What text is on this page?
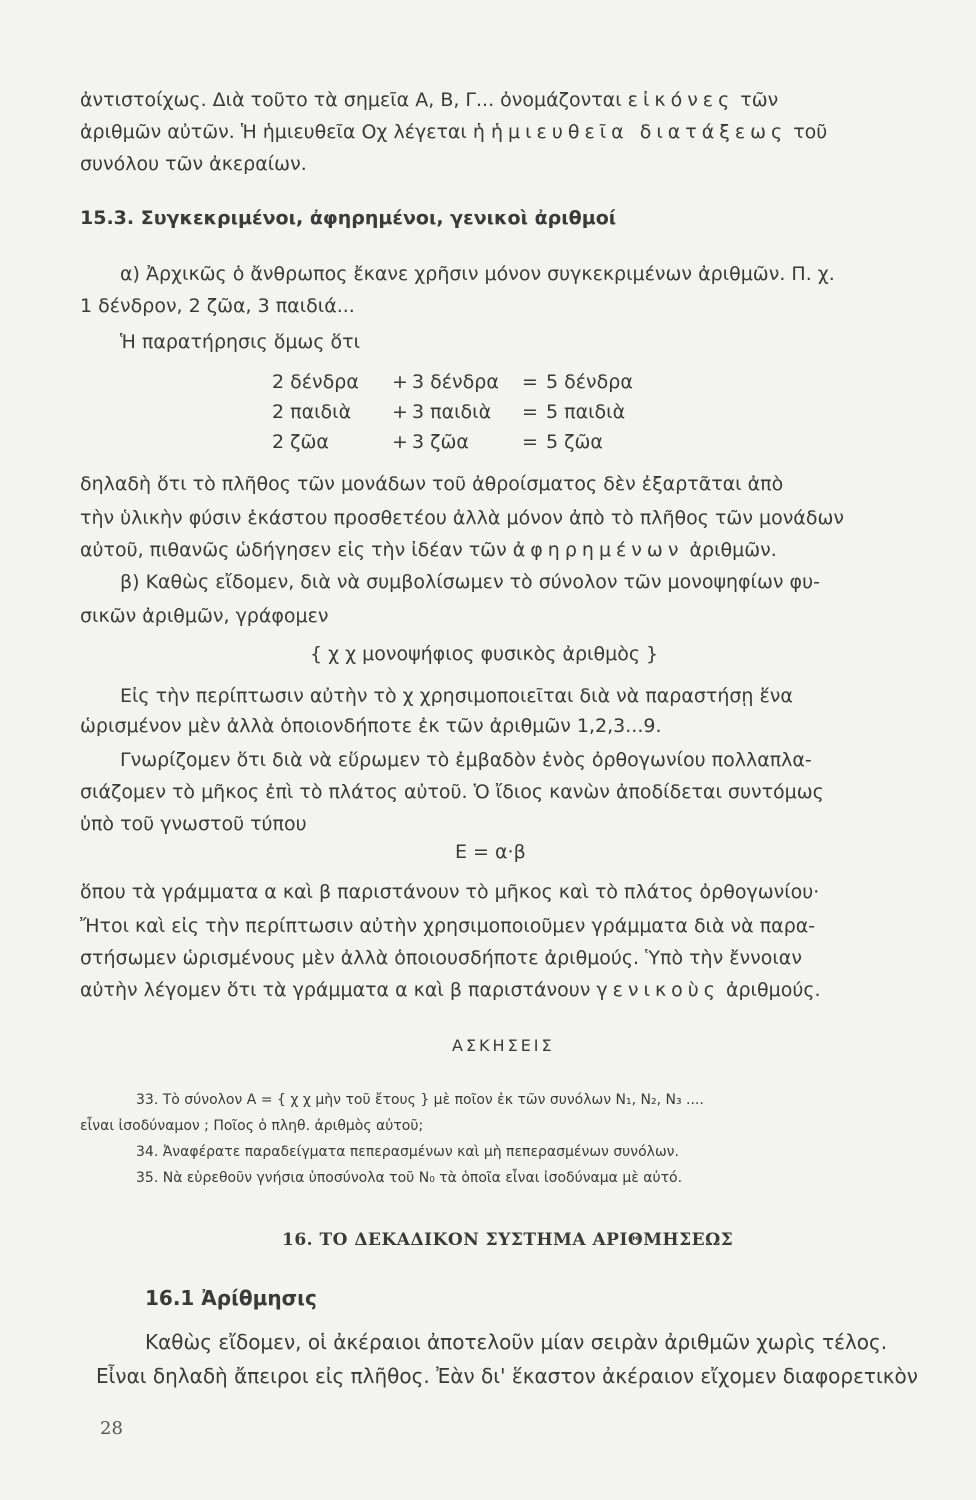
ἀντιστοίχως. Διὰ τοῦτο τὰ σημεῖα Α, Β, Γ... ὀνομάζονται εἰκόνες τῶν
ἀριθμῶν αὐτῶν. Ἡ ἡμιευθεῖα Οχ λέγεται ἡ ἡμιευθεῖα διατάξεως τοῦ
συνόλου τῶν ἀκεραίων.
15.3. Συγκεκριμένοι, ἀφηρημένοι, γενικοὶ ἀριθμοί
α) Ἀρχικῶς ὁ ἄνθρωπος ἔκανε χρῆσιν μόνον συγκεκριμένων ἀριθμῶν. Π. χ.
1 δένδρον, 2 ζῶα, 3 παιδιά...
Ἡ παρατήρησις ὅμως ὅτι
2 δένδρα + 3 δένδρα = 5 δένδρα
2 παιδιὰ + 3 παιδιὰ = 5 παιδιὰ
2 ζῶα	+ 3 ζῶα	= 5 ζῶα
δηλαδὴ ὅτι τὸ πλῆθος τῶν μονάδων τοῦ ἀθροίσματος δὲν ἐξαρτᾶται ἀπὸ
τὴν ὑλικὴν φύσιν ἑκάστου προσθετέου ἀλλὰ μόνον ἀπὸ τὸ πλῆθος τῶν μονάδων
αὐτοῦ, πιθανῶς ὡδήγησεν εἰς τὴν ἰδέαν τῶν ἀφηρημένων ἀριθμῶν.
β) Καθὼς εἴδομεν, διὰ νὰ συμβολίσωμεν τὸ σύνολον τῶν μονοψηφίων φυ-
σικῶν ἀριθμῶν, γράφομεν
{ χ χ μονοψήφιος φυσικὸς ἀριθμὸς }
Εἰς τὴν περίπτωσιν αὐτὴν τὸ χ χρησιμοποιεῖται διὰ νὰ παραστήσῃ ἕνα
ὡρισμένον μὲν ἀλλὰ ὁποιονδήποτε ἐκ τῶν ἀριθμῶν 1,2,3...9.
Γνωρίζομεν ὅτι διὰ νὰ εὕρωμεν τὸ ἐμβαδὸν ἑνὸς ὀρθογωνίου πολλαπλα-
σιάζομεν τὸ μῆκος ἐπὶ τὸ πλάτος αὐτοῦ. Ὁ ἴδιος κανὼν ἀποδίδεται συντόμως
ὑπὸ τοῦ γνωστοῦ τύπου
Ε = α·β
ὅπου τὰ γράμματα α καὶ β παριστάνουν τὸ μῆκος καὶ τὸ πλάτος ὀρθογωνίου·
Ἤτοι καὶ εἰς τὴν περίπτωσιν αὐτὴν χρησιμοποιοῦμεν γράμματα διὰ νὰ παρα-
στήσωμεν ὡρισμένους μὲν ἀλλὰ ὁποιουσδήποτε ἀριθμούς. Ὑπὸ τὴν ἔννοιαν
αὐτὴν λέγομεν ὅτι τὰ γράμματα α καὶ β παριστάνουν γενικοὺς ἀριθμούς.
ΑΣΚΗΣΕΙΣ
33. Τὸ σύνολον Α = { χ χ μὴν τοῦ ἔτους } μὲ ποῖον ἐκ τῶν συνόλων Ν₁, Ν₂, Ν₃ ....
εἶναι ἰσοδύναμον ; Ποῖος ὁ πληθ. ἀριθμὸς αὐτοῦ;
34. Ἀναφέρατε παραδείγματα πεπερασμένων καὶ μὴ πεπερασμένων συνόλων.
35. Νὰ εὑρεθοῦν γνήσια ὑποσύνολα τοῦ Ν₀ τὰ ὁποῖα εἶναι ἰσοδύναμα μὲ αὐτό.
16. ΤΟ ΔΕΚΑΔΙΚΟΝ ΣΥΣΤΗΜΑ ΑΡΙΘΜΗΣΕΩΣ
16.1 Ἀρίθμησις
Καθὼς εἴδομεν, οἱ ἀκέραιοι ἀποτελοῦν μίαν σειρὰν ἀριθμῶν χωρὶς τέλος.
Εἶναι δηλαδὴ ἄπειροι εἰς πλῆθος. Ἐὰν δι' ἕκαστον ἀκέραιον εἴχομεν διαφορετικὸν
28
